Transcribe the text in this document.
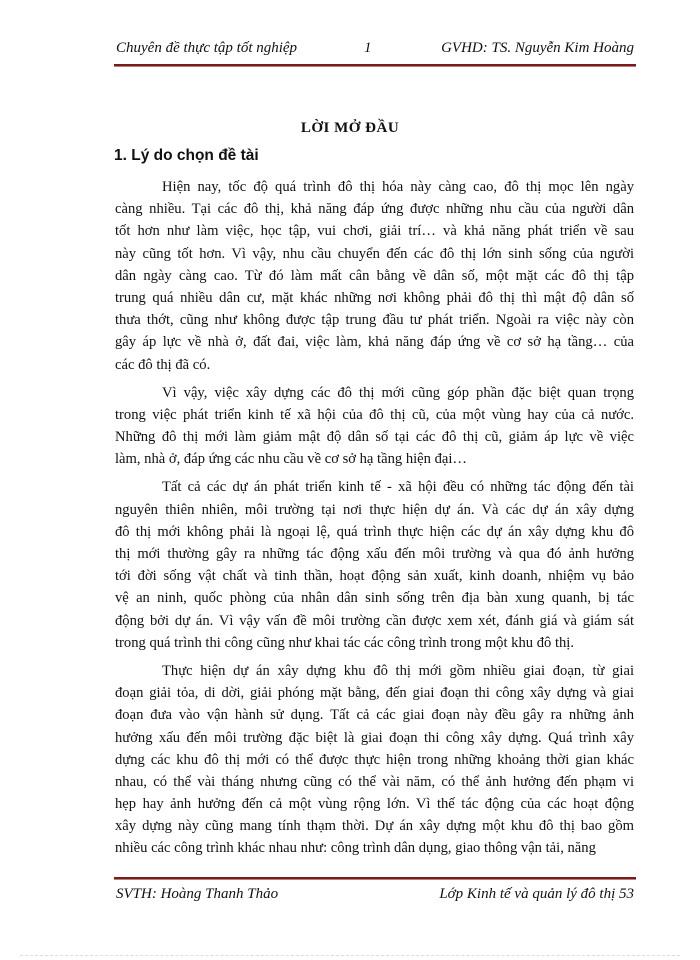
Chuyên đề thực tập tốt nghiệp	1	GVHD: TS. Nguyễn Kim Hoàng
LỜI MỞ ĐẦU
1. Lý do chọn đề tài
Hiện nay, tốc độ quá trình đô thị hóa này càng cao, đô thị mọc lên ngày
càng nhiều. Tại các đô thị, khả năng đáp ứng được những nhu cầu của người dân
tốt hơn như làm việc, học tập, vui chơi, giải trí… và khả năng phát triển về sau
này cũng tốt hơn. Vì vậy, nhu cầu chuyển đến các đô thị lớn sinh sống của người
dân ngày càng cao. Từ đó làm mất cân bằng về dân số, một mặt các đô thị tập
trung quá nhiều dân cư, mặt khác những nơi không phải đô thị thì mật độ dân số
thưa thớt, cũng như không được tập trung đầu tư phát triển. Ngoài ra việc này còn
gây áp lực về nhà ở, đất đai, việc làm, khả năng đáp ứng về cơ sở hạ tầng… của
các đô thị đã có.
Vì vậy, việc xây dựng các đô thị mới cũng góp phần đặc biệt quan trọng
trong việc phát triển kinh tế xã hội của đô thị cũ, của một vùng hay của cả nước.
Những đô thị mới làm giảm mật độ dân số tại các đô thị cũ, giảm áp lực về việc
làm, nhà ở, đáp ứng các nhu cầu về cơ sở hạ tầng hiện đại…
Tất cả các dự án phát triển kinh tế - xã hội đều có những tác động đến tài
nguyên thiên nhiên, môi trường tại nơi thực hiện dự án. Và các dự án xây dựng
đô thị mới không phải là ngoại lệ, quá trình thực hiện các dự án xây dựng khu đô
thị mới thường gây ra những tác động xấu đến môi trường và qua đó ảnh hưởng
tới đời sống vật chất và tinh thần, hoạt động sản xuất, kinh doanh, nhiệm vụ bảo
vệ an ninh, quốc phòng của nhân dân sinh sống trên địa bàn xung quanh, bị tác
động bởi dự án. Vì vậy vấn đề môi trường cần được xem xét, đánh giá và giám sát
trong quá trình thi công cũng như khai tác các công trình trong một khu đô thị.
Thực hiện dự án xây dựng khu đô thị mới gồm nhiều giai đoạn, từ giai
đoạn giải tỏa, di dời, giải phóng mặt bằng, đến giai đoạn thi công xây dựng và giai
đoạn đưa vào vận hành sử dụng. Tất cả các giai đoạn này đều gây ra những ảnh
hưởng xấu đến môi trường đặc biệt là giai đoạn thi công xây dựng. Quá trình xây
dựng các khu đô thị mới có thể được thực hiện trong những khoảng thời gian khác
nhau, có thể vài tháng nhưng cũng có thể vài năm, có thể ảnh hưởng đến phạm vi
hẹp hay ảnh hưởng đến cả một vùng rộng lớn. Vì thế tác động của các hoạt động
xây dựng này cũng mang tính thạm thời. Dự án xây dựng một khu đô thị bao gồm
nhiều các công trình khác nhau như: công trình dân dụng, giao thông vận tải, năng
SVTH: Hoàng Thanh Thảo	Lớp Kinh tế và quản lý đô thị 53
